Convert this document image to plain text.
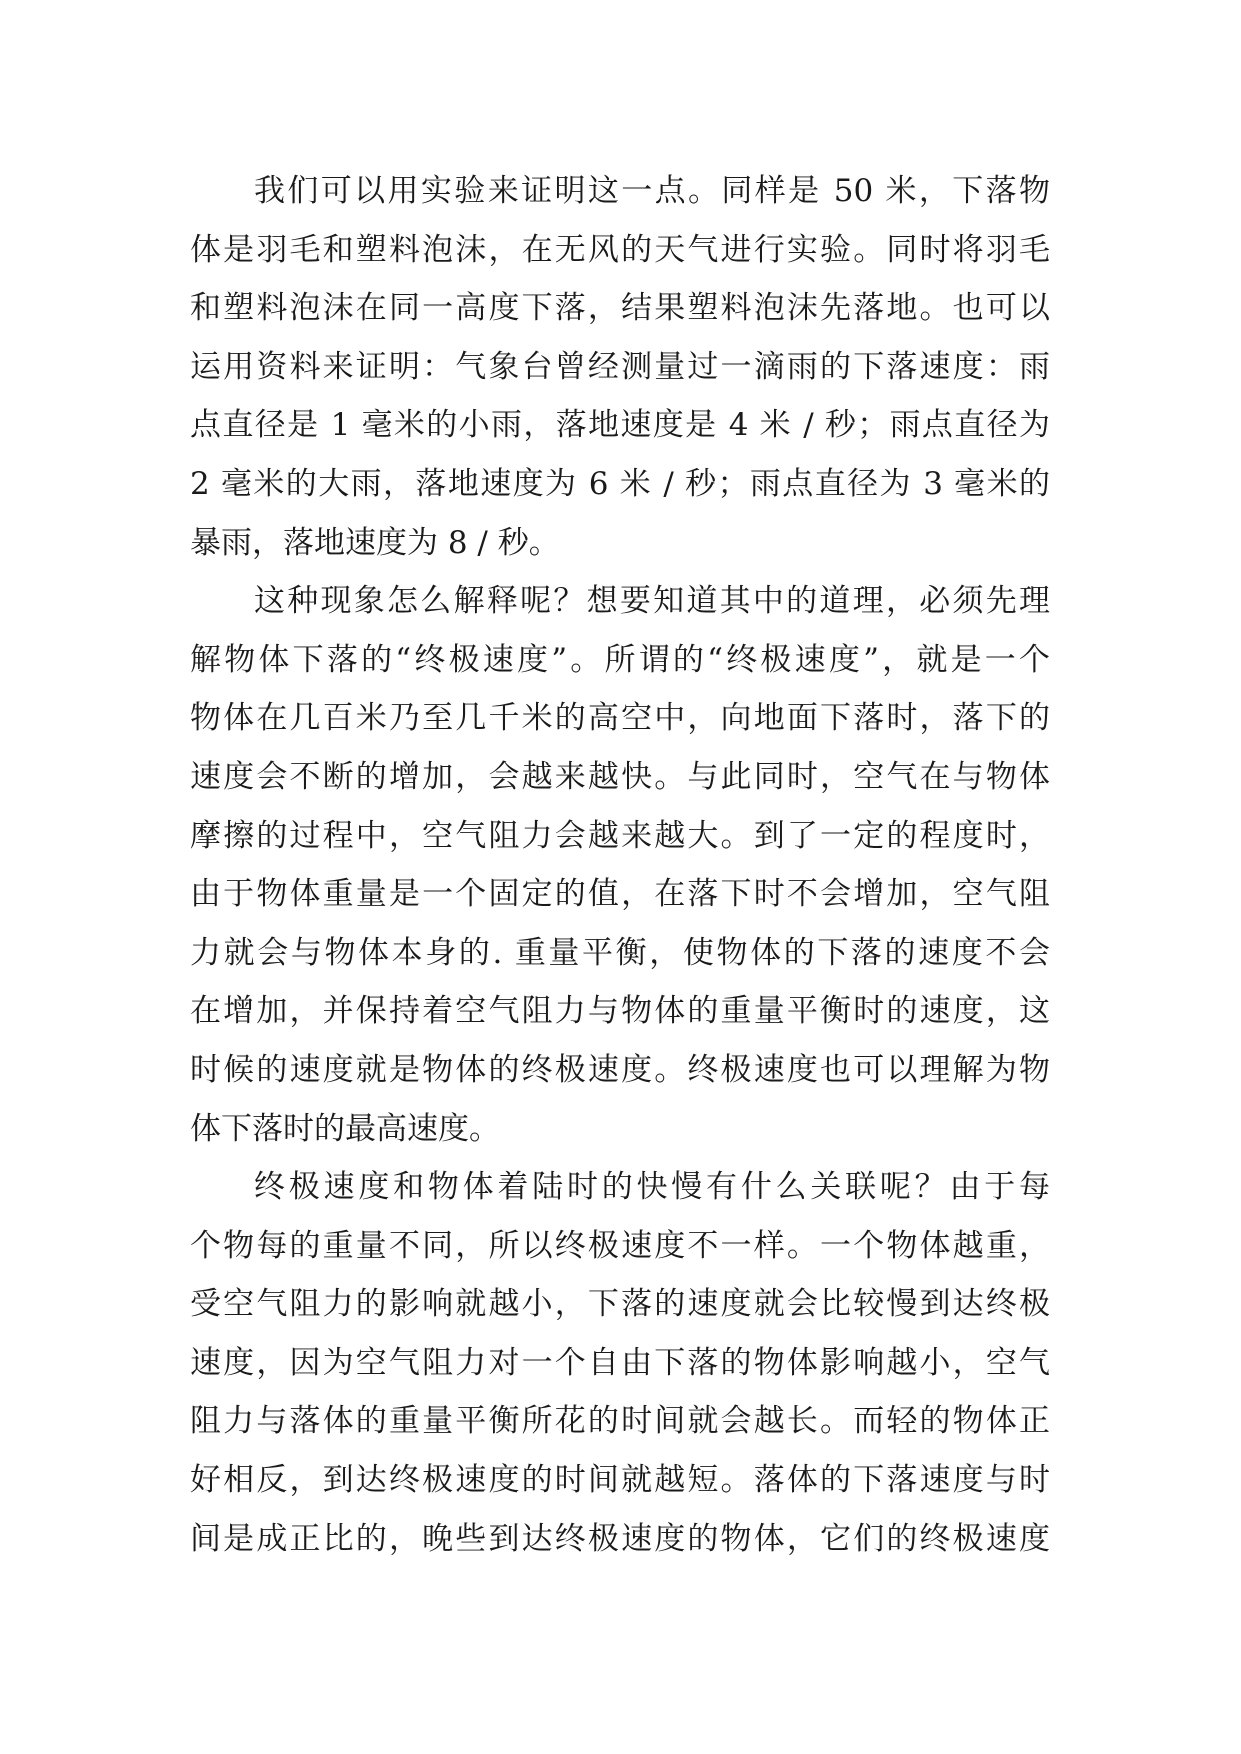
我们可以用实验来证明这一点。同样是 50 米，下落物
体是羽毛和塑料泡沫，在无风的天气进行实验。同时将羽毛
和塑料泡沫在同一高度下落，结果塑料泡沫先落地。也可以
运用资料来证明：气象台曾经测量过一滴雨的下落速度：雨
点直径是 1 毫米的小雨，落地速度是 4 米 / 秒；雨点直径为
2 毫米的大雨，落地速度为 6 米 / 秒；雨点直径为 3 毫米的
暴雨，落地速度为 8 / 秒。
这种现象怎么解释呢？想要知道其中的道理，必须先理
解物体下落的“终极速度”。所谓的“终极速度”，就是一个
物体在几百米乃至几千米的高空中，向地面下落时，落下的
速度会不断的增加，会越来越快。与此同时，空气在与物体
摩擦的过程中，空气阻力会越来越大。到了一定的程度时，
由于物体重量是一个固定的值，在落下时不会增加，空气阻
力就会与物体本身的. 重量平衡，使物体的下落的速度不会
在增加，并保持着空气阻力与物体的重量平衡时的速度，这
时候的速度就是物体的终极速度。终极速度也可以理解为物
体下落时的最高速度。
终极速度和物体着陆时的快慢有什么关联呢？由于每
个物每的重量不同，所以终极速度不一样。一个物体越重，
受空气阻力的影响就越小，下落的速度就会比较慢到达终极
速度，因为空气阻力对一个自由下落的物体影响越小，空气
阻力与落体的重量平衡所花的时间就会越长。而轻的物体正
好相反，到达终极速度的时间就越短。落体的下落速度与时
间是成正比的，晚些到达终极速度的物体，它们的终极速度
